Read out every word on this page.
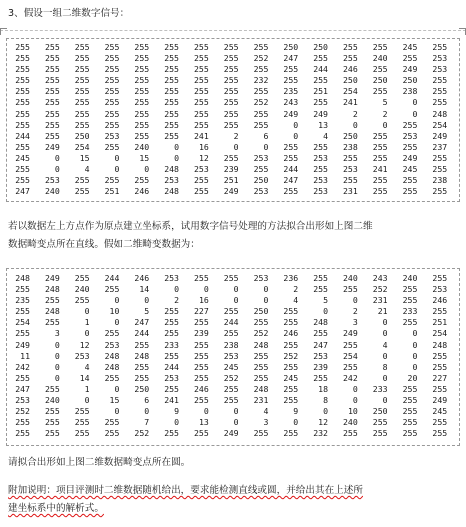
3、假设一组二维数字信号：
255	255	255	255	255	255	255	255	255	250	250	255	255	245	255
255	255	255	255	255	255	255	255	252	247	255	255	240	255	253
255	255	255	255	255	255	255	255	255	255	244	246	255	249	253
255	255	255	255	255	255	255	255	232	255	255	250	250	250	255
255	255	255	255	255	255	255	255	255	235	251	254	255	238	255
255	255	255	255	255	255	255	255	252	243	255	241	5	0	255
255	255	255	255	255	255	255	255	255	249	249	2	2	0	248
255	255	255	255	255	255	255	255	255	0	13	0	0	255	254
244	255	250	253	255	255	241	2	6	0	4	250	255	253	249
255	249	254	255	240	0	16	0	0	255	255	238	255	255	237
245	0	15	0	15	0	12	255	253	255	253	255	255	249	255
255	0	4	0	0	248	253	239	255	244	255	253	241	245	255
255	253	255	255	255	253	255	251	250	247	253	255	255	255	238
247	240	255	251	246	248	255	249	253	255	253	231	255	255	255
若以数据左上方点作为原点建立坐标系，试用数字信号处理的方法拟合出形如上图二维
数据畸变点所在直线。假如二维畸变数据为：
248	249	255	244	246	253	255	255	253	236	255	240	243	240	255
255	248	240	255	14	0	0	0	0	2	255	255	252	255	253
235	255	255	0	0	2	16	0	0	4	5	0	231	255	246
255	248	0	10	5	255	227	255	250	255	0	2	21	233	255
254	255	1	0	247	255	255	244	255	255	248	3	0	255	251
255	3	0	255	244	255	239	255	252	246	255	249	0	0	254
249	0	12	253	255	233	255	238	248	255	247	255	4	0	248
11	0	253	248	248	255	255	253	255	252	253	254	0	0	255
242	0	4	248	255	244	255	245	255	255	239	255	8	0	255
255	0	14	255	255	253	255	252	255	245	255	242	0	20	227
247	255	1	0	250	255	246	255	248	255	18	0	233	255	255
253	240	0	15	6	241	255	255	231	255	8	0	0	255	249
252	255	255	0	0	9	0	0	4	9	0	10	250	255	245
255	255	255	255	7	0	13	0	3	0	12	240	255	255	255
255	255	255	255	252	255	255	249	255	255	232	255	255	255	255
请拟合出形如上图二维数据畸变点所在圆。
附加说明：项目评测时二维数据随机给出，要求能检测直线或圆，并给出其在上述所
建坐标系中的解析式。
